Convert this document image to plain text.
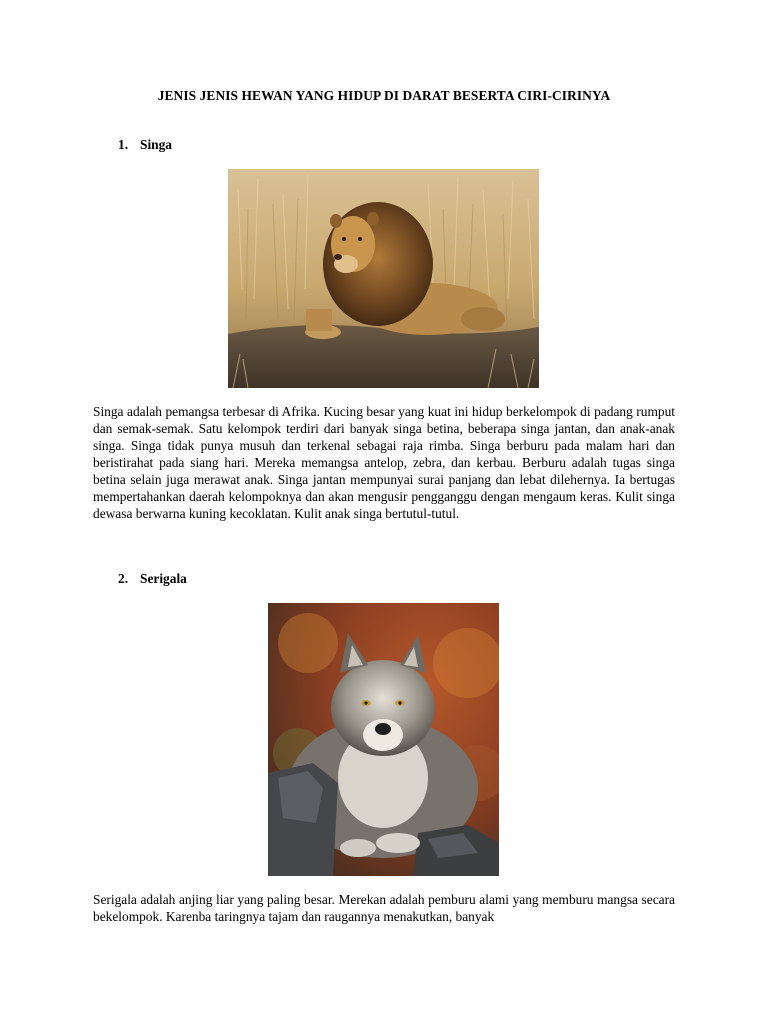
JENIS JENIS HEWAN YANG HIDUP DI DARAT BESERTA CIRI-CIRINYA
1. Singa
Singa adalah pemangsa terbesar di Afrika. Kucing besar yang kuat ini hidup berkelompok di padang rumput dan semak-semak. Satu kelompok terdiri dari banyak singa betina, beberapa singa jantan, dan anak-anak singa. Singa tidak punya musuh dan terkenal sebagai raja rimba. Singa berburu pada malam hari dan beristirahat pada siang hari. Mereka memangsa antelop, zebra, dan kerbau. Berburu adalah tugas singa betina selain juga merawat anak. Singa jantan mempunyai surai panjang dan lebat dilehernya. Ia bertugas mempertahankan daerah kelompoknya dan akan mengusir pengganggu dengan mengaum keras. Kulit singa dewasa berwarna kuning kecoklatan. Kulit anak singa bertutul-tutul.
2. Serigala
Serigala adalah anjing liar yang paling besar. Merekan adalah pemburu alami yang memburu mangsa secara bekelompok. Karenba taringnya tajam dan raugannya menakutkan, banyak
